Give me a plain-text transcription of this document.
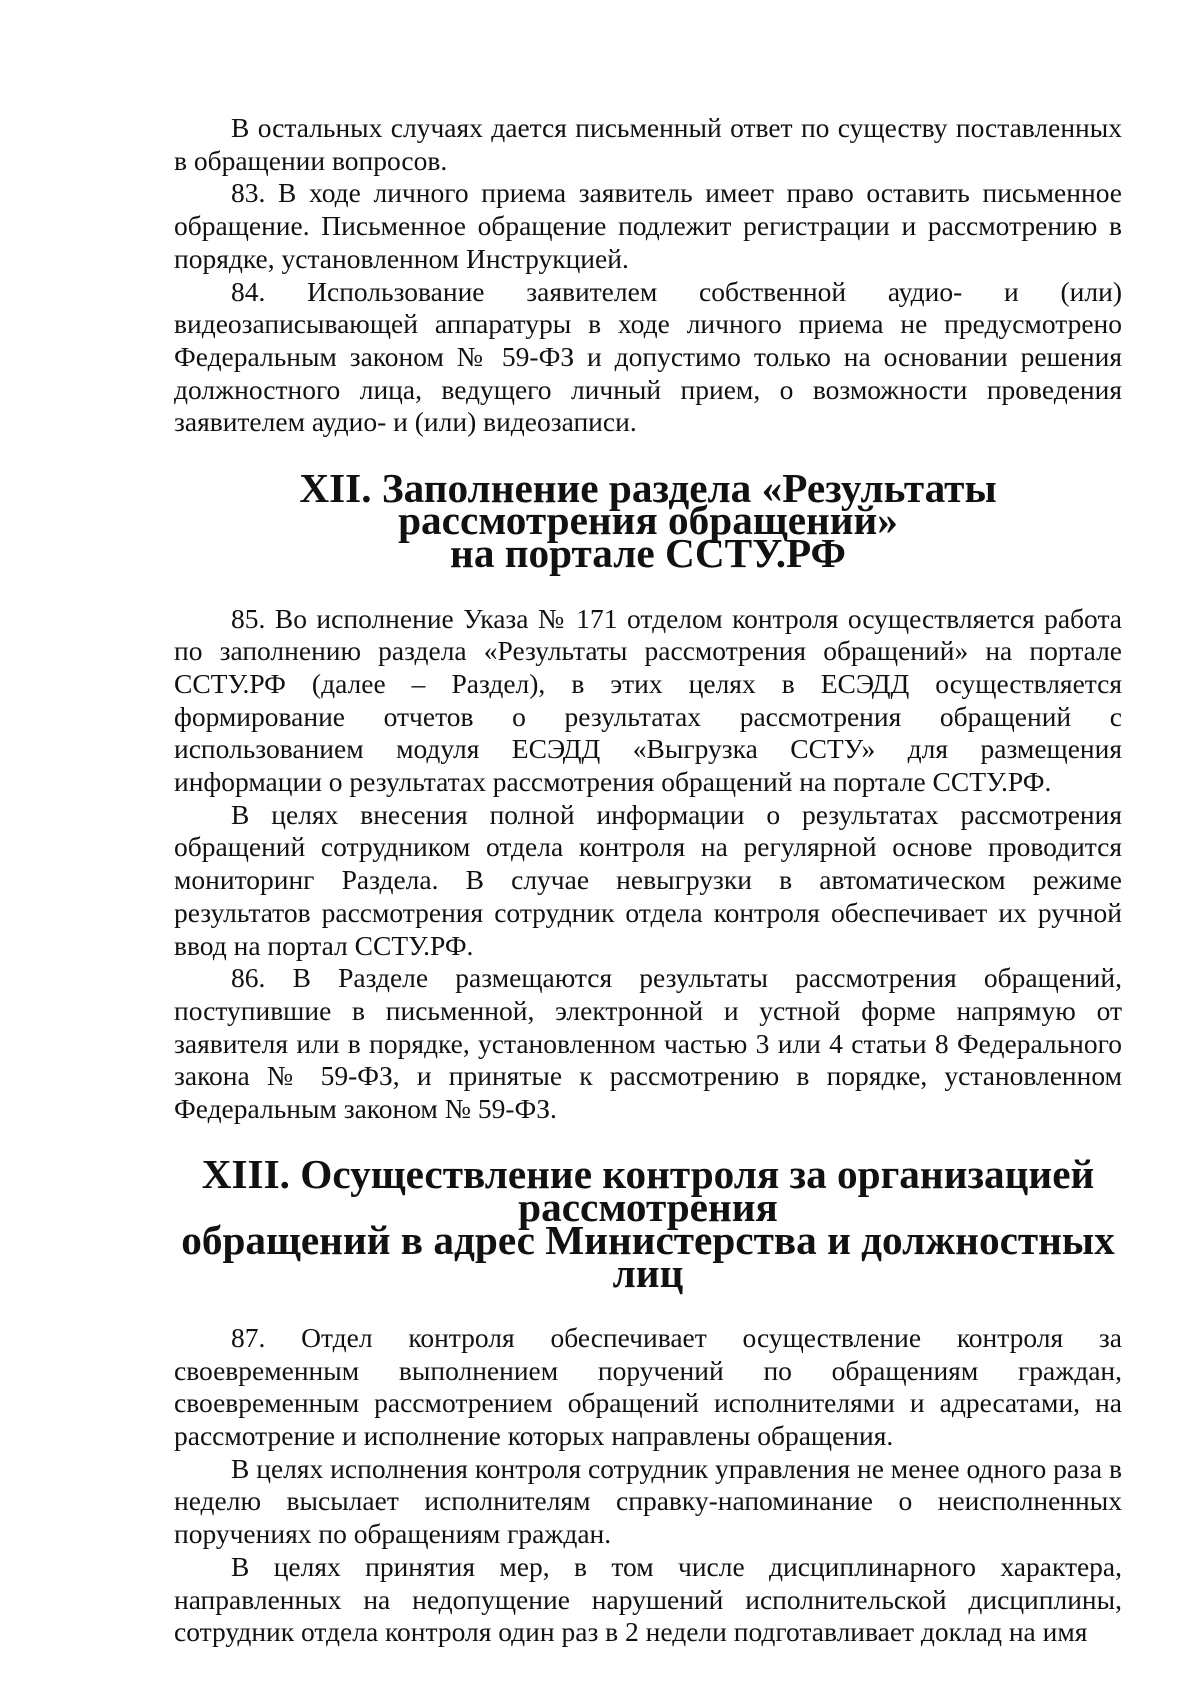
В остальных случаях дается письменный ответ по существу поставленных в обращении вопросов.

83. В ходе личного приема заявитель имеет право оставить письменное обращение. Письменное обращение подлежит регистрации и рассмотрению в порядке, установленном Инструкцией.

84. Использование заявителем собственной аудио- и (или) видеозаписывающей аппаратуры в ходе личного приема не предусмотрено Федеральным законом № 59-ФЗ и допустимо только на основании решения должностного лица, ведущего личный прием, о возможности проведения заявителем аудио- и (или) видеозаписи.

XII. Заполнение раздела «Результаты рассмотрения обращений»
на портале ССТУ.РФ

85. Во исполнение Указа № 171 отделом контроля осуществляется работа по заполнению раздела «Результаты рассмотрения обращений» на портале ССТУ.РФ (далее – Раздел), в этих целях в ЕСЭДД осуществляется формирование отчетов о результатах рассмотрения обращений с использованием модуля ЕСЭДД «Выгрузка ССТУ» для размещения информации о результатах рассмотрения обращений на портале ССТУ.РФ.

В целях внесения полной информации о результатах рассмотрения обращений сотрудником отдела контроля на регулярной основе проводится мониторинг Раздела. В случае невыгрузки в автоматическом режиме результатов рассмотрения сотрудник отдела контроля обеспечивает их ручной ввод на портал ССТУ.РФ.

86. В Разделе размещаются результаты рассмотрения обращений, поступившие в письменной, электронной и устной форме напрямую от заявителя или в порядке, установленном частью 3 или 4 статьи 8 Федерального закона № 59-ФЗ, и принятые к рассмотрению в порядке, установленном Федеральным законом № 59-ФЗ.

XIII. Осуществление контроля за организацией рассмотрения
обращений в адрес Министерства и должностных лиц

87. Отдел контроля обеспечивает осуществление контроля за своевременным выполнением поручений по обращениям граждан, своевременным рассмотрением обращений исполнителями и адресатами, на рассмотрение и исполнение которых направлены обращения.

В целях исполнения контроля сотрудник управления не менее одного раза в неделю высылает исполнителям справку-напоминание о неисполненных поручениях по обращениям граждан.

В целях принятия мер, в том числе дисциплинарного характера, направленных на недопущение нарушений исполнительской дисциплины, сотрудник отдела контроля один раз в 2 недели подготавливает доклад на имя
